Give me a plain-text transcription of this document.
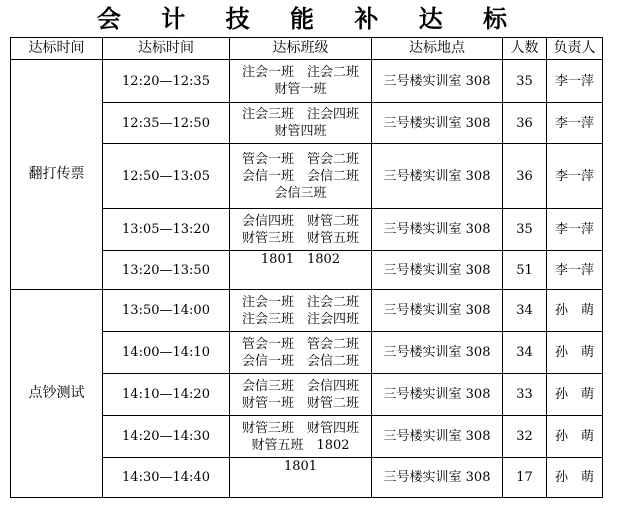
会 计 技 能 补 达 标
达标时间	达标时间	达标班级	达标地点	人数	负责人
翻打传票	12:20—12:35	注会一班　注会二班
财管一班	三号楼实训室 308	35	李一萍
	12:35—12:50	注会三班　注会四班
财管四班	三号楼实训室 308	36	李一萍
	12:50—13:05	管会一班　管会二班
会信一班　会信二班
会信三班	三号楼实训室 308	36	李一萍
	13:05—13:20	会信四班　财管二班
财管三班　财管五班	三号楼实训室 308	35	李一萍
	13:20—13:50	1801　1802	三号楼实训室 308	51	李一萍
点钞测试	13:50—14:00	注会一班　注会二班
注会三班　注会四班	三号楼实训室 308	34	孙　萌
	14:00—14:10	管会一班　管会二班
会信一班　会信二班	三号楼实训室 308	34	孙　萌
	14:10—14:20	会信三班　会信四班
财管一班　财管二班	三号楼实训室 308	33	孙　萌
	14:20—14:30	财管三班　财管四班
财管五班　1802	三号楼实训室 308	32	孙　萌
	14:30—14:40	1801	三号楼实训室 308	17	孙　萌
